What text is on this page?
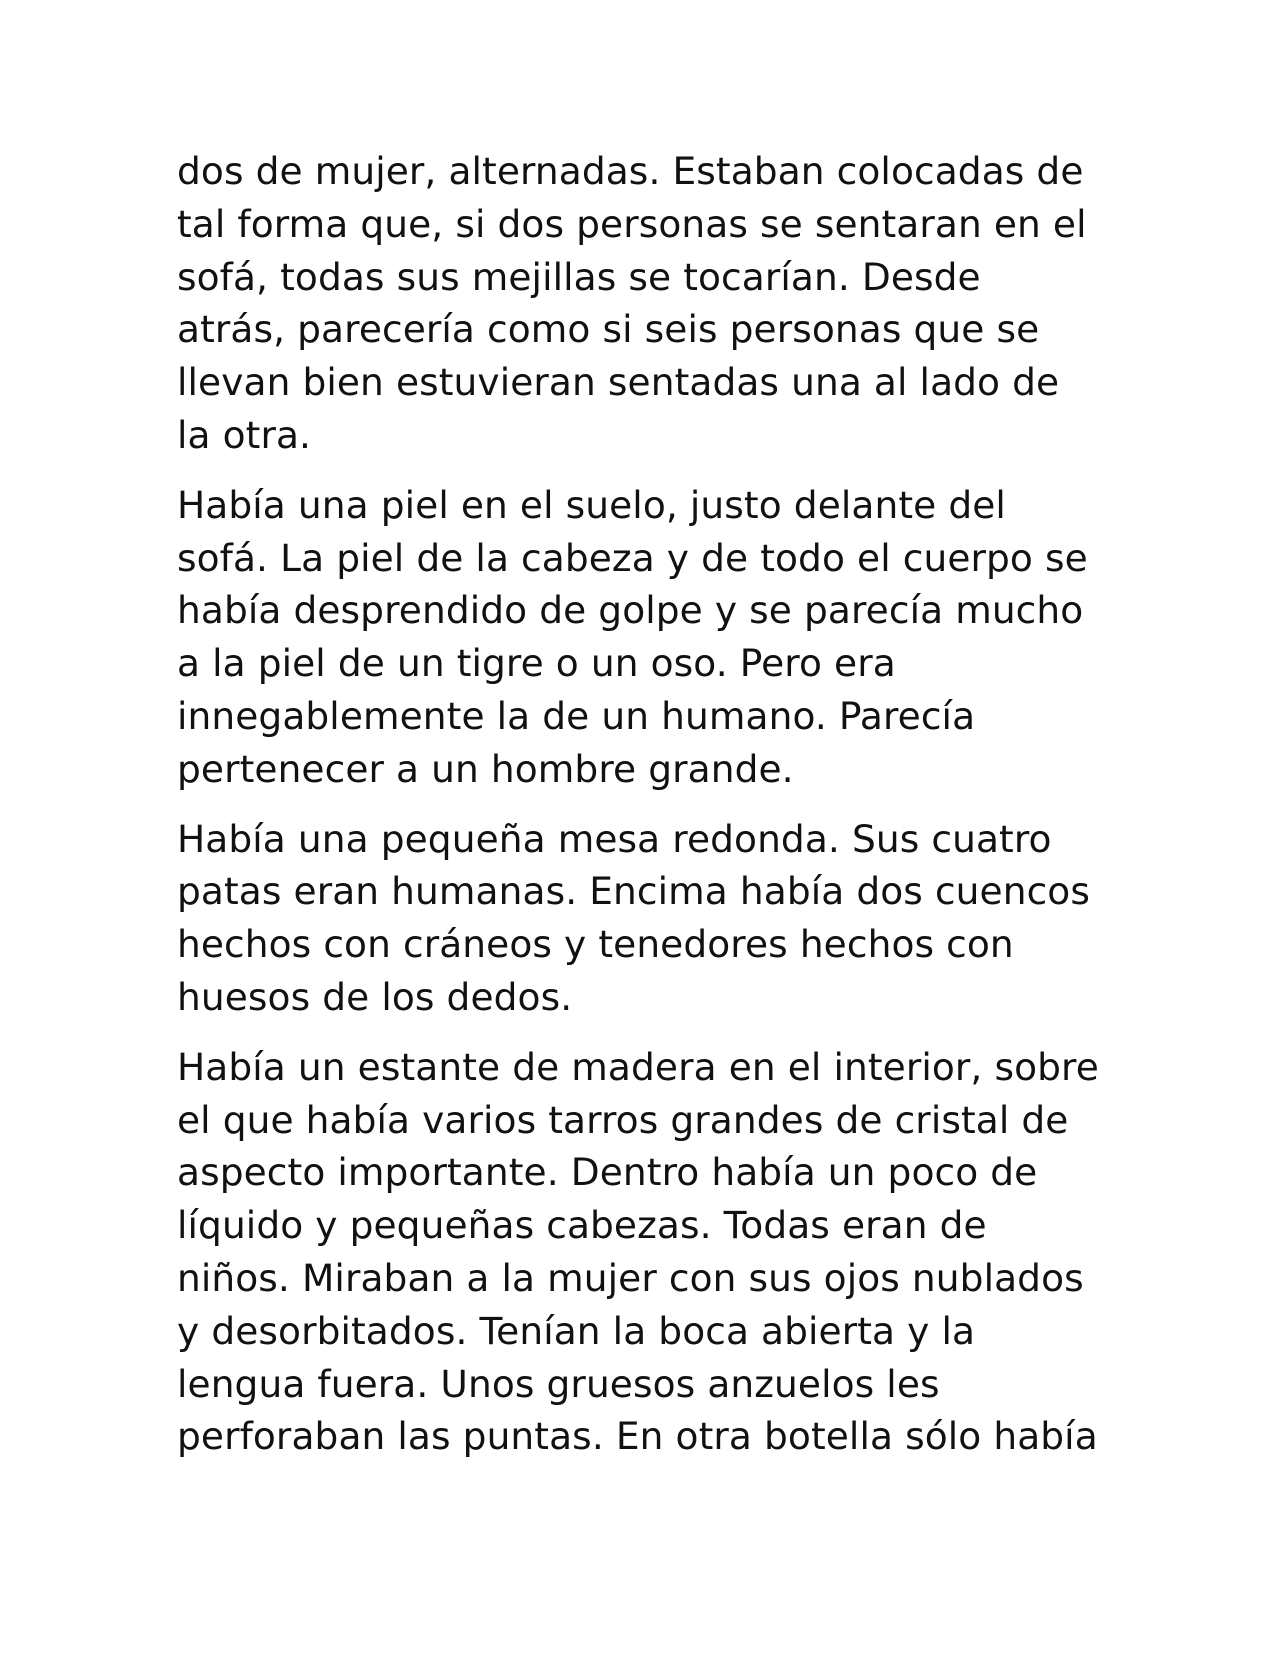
dos de mujer, alternadas. Estaban colocadas de
tal forma que, si dos personas se sentaran en el
sofá, todas sus mejillas se tocarían. Desde
atrás, parecería como si seis personas que se
llevan bien estuvieran sentadas una al lado de
la otra.

Había una piel en el suelo, justo delante del
sofá. La piel de la cabeza y de todo el cuerpo se
había desprendido de golpe y se parecía mucho
a la piel de un tigre o un oso. Pero era
innegablemente la de un humano. Parecía
pertenecer a un hombre grande.

Había una pequeña mesa redonda. Sus cuatro
patas eran humanas. Encima había dos cuencos
hechos con cráneos y tenedores hechos con
huesos de los dedos.

Había un estante de madera en el interior, sobre
el que había varios tarros grandes de cristal de
aspecto importante. Dentro había un poco de
líquido y pequeñas cabezas. Todas eran de
niños. Miraban a la mujer con sus ojos nublados
y desorbitados. Tenían la boca abierta y la
lengua fuera. Unos gruesos anzuelos les
perforaban las puntas. En otra botella sólo había
